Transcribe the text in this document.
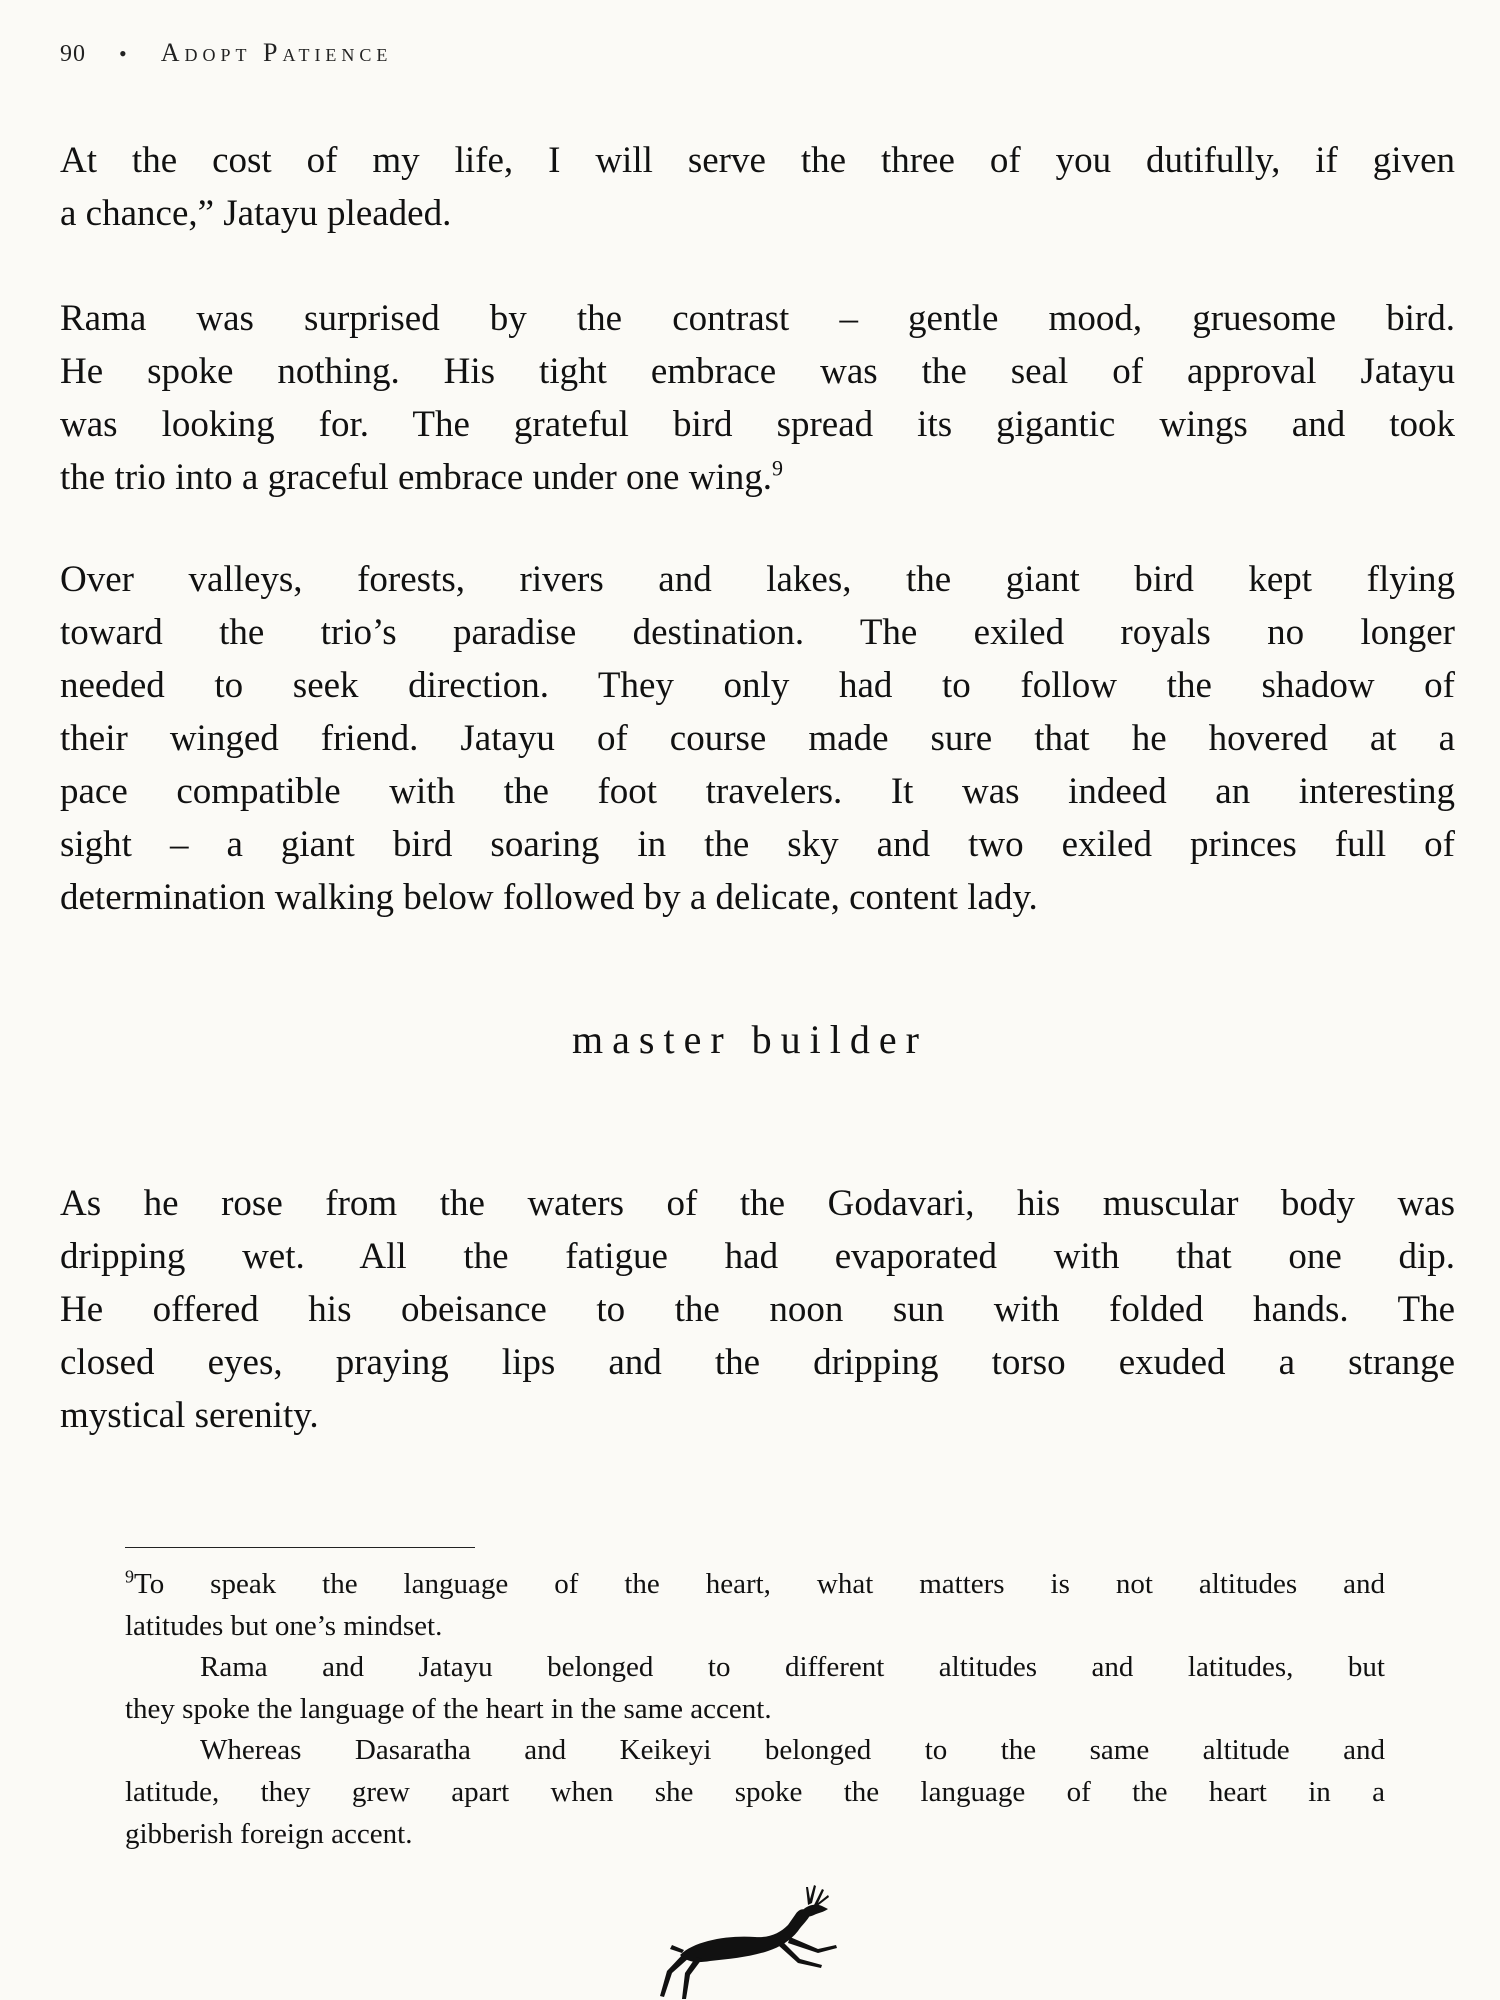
90 • Adopt Patience

At the cost of my life, I will serve the three of you dutifully, if given
a chance,” Jatayu pleaded.

Rama was surprised by the contrast – gentle mood, gruesome bird.
He spoke nothing. His tight embrace was the seal of approval Jatayu
was looking for. The grateful bird spread its gigantic wings and took
the trio into a graceful embrace under one wing.$^9$

Over valleys, forests, rivers and lakes, the giant bird kept flying
toward the trio’s paradise destination. The exiled royals no longer
needed to seek direction. They only had to follow the shadow of
their winged friend. Jatayu of course made sure that he hovered at a
pace compatible with the foot travelers. It was indeed an interesting
sight – a giant bird soaring in the sky and two exiled princes full of
determination walking below followed by a delicate, content lady.

master builder

As he rose from the waters of the Godavari, his muscular body was
dripping wet. All the fatigue had evaporated with that one dip.
He offered his obeisance to the noon sun with folded hands. The
closed eyes, praying lips and the dripping torso exuded a strange
mystical serenity.

$^9$To speak the language of the heart, what matters is not altitudes and
latitudes but one’s mindset.

Rama and Jatayu belonged to different altitudes and latitudes, but
they spoke the language of the heart in the same accent.

Whereas Dasaratha and Keikeyi belonged to the same altitude and
latitude, they grew apart when she spoke the language of the heart in a
gibberish foreign accent.
